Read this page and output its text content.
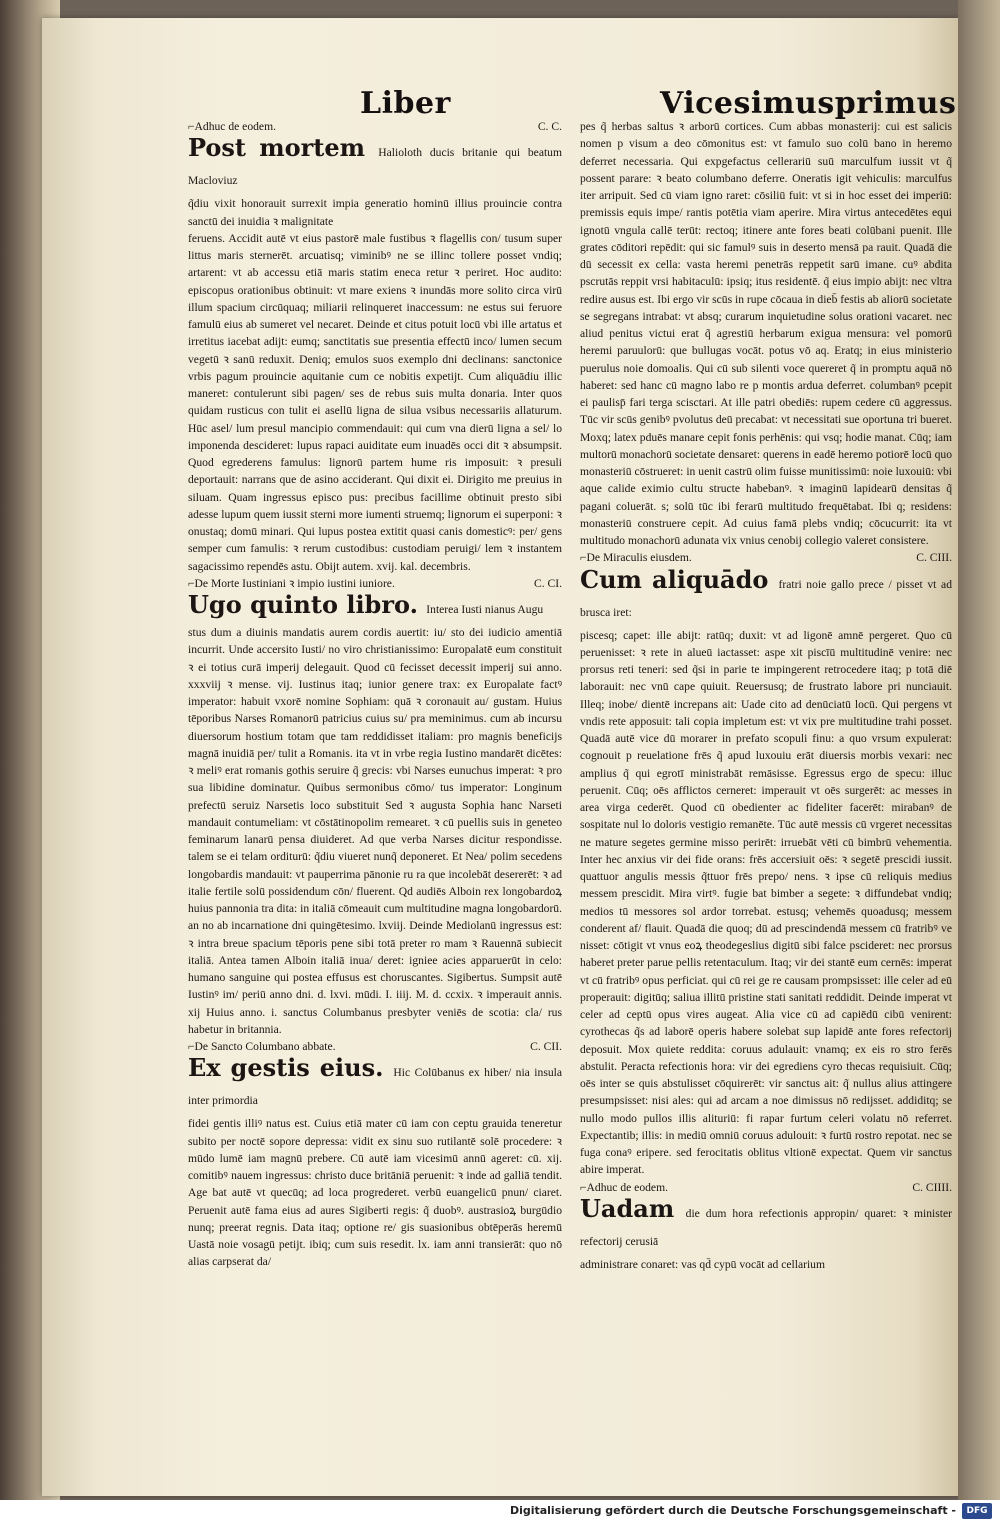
Liber	Vicesimusprimus
⌐Adhuc de eodem.	C. C.

Post mortem Halioloth ducis britanie qui beatum Macloviuz

q̃diu vixit honorauit surrexit impia generatio hominū illius prouincie contra sanctū dei inuidia ꝛ malignitate

feruens. Accidit autē vt eius pastorē male fustibus ꝛ flagellis con/ tusum super littus maris sternerēt. arcuatisq; viminibꝰ ne se illinc tollere posset vndiq; artarent: vt ab accessu etiā maris statim eneca retur ꝛ periret. Hoc audito: episcopus orationibus obtinuit: vt mare exiens ꝛ inundās more solito circa virū illum spacium circūquaq; miliarii relinqueret inaccessum: ne estus sui feruore famulū eius ab sumeret vel necaret. Deinde et citus potuit locū vbi ille artatus et irretitus iacebat adijt: eumq; sanctitatis sue presentia effectū inco/ lumen secum vegetū ꝛ sanū reduxit. Deniq; emulos suos exemplo dni declinans: sanctonice vrbis pagum prouincie aquitanie cum ce nobitis expetijt. Cum aliquādiu illic maneret: contulerunt sibi pagen/ ses de rebus suis multa donaria. Inter quos quidam rusticus con tulit ei asellū ligna de silua vsibus necessariis allaturum. Hūc asel/ lum presul mancipio commendauit: qui cum vna dierū ligna a sel/ lo imponenda descideret: lupus rapaci auiditate eum inuadēs occi dit ꝛ absumpsit. Quod egrederens famulus: lignorū partem hume ris imposuit: ꝛ presuli deportauit: narrans que de asino acciderant. Qui dixit ei. Dirigito me preuius in siluam. Quam ingressus episco pus: precibus facillime obtinuit presto sibi adesse lupum quem iussit sterni more iumenti struemq; lignorum ei superponi: ꝛ onustaq; domū minari. Qui lupus postea extitit quasi canis domesticꝰ: per/ gens semper cum famulis: ꝛ rerum custodibus: custodiam peruigi/ lem ꝛ instantem sagacissimo rependēs astu. Obijt autem. xvij. kal. decembris.

⌐De Morte Iustiniani ꝛ impio iustini iuniore.	C. CI.

Ugo quinto libro. Interea Iusti nianus Augu

stus dum a diuinis mandatis aurem cordis auertit: iu/ sto dei iudicio amentiā incurrit. Unde accersito Iusti/ no viro christianissimo: Europalatē eum constituit ꝛ ei totius curā imperij delegauit. Quod cū fecisset decessit imperij sui anno. xxxviij ꝛ mense. vij. Iustinus itaq; iunior genere trax: ex Europalate factꝰ imperator: habuit vxorē nomine Sophiam: quā ꝛ coronauit au/ gustam. Huius tēporibus Narses Romanorū patricius cuius su/ pra meminimus. cum ab incursu diuersorum hostium totam que tam reddidisset italiam: pro magnis beneficijs magnā inuidiā per/ tulit a Romanis. ita vt in vrbe regia Iustino mandarēt dicētes: ꝛ meliꝰ erat romanis gothis seruire q̃ grecis: vbi Narses eunuchus imperat: ꝛ pro sua libidine dominatur. Quibus sermonibus cōmo/ tus imperator: Longinum prefectū seruiz Narsetis loco substituit Sed ꝛ augusta Sophia hanc Narseti mandauit contumeliam: vt cōstātinopolim remearet. ꝛ cū puellis suis in geneteo feminarum lanarū pensa diuideret. Ad que verba Narses dicitur respondisse. talem se ei telam orditurū: q̃diu viueret nunq̃ deponeret. Et Nea/ polim secedens longobardis mandauit: vt pauperrima pānonie ru ra que incolebāt desererēt: ꝛ ad italie fertile solū possidendum cōn/ fluerent. Qd audiēs Alboin rex longobardoꝝ huius pannonia tra dita: in italiā cōmeauit cum multitudine magna longobardorū. an no ab incarnatione dni quingētesimo. lxviij. Deinde Mediolanū ingressus est: ꝛ intra breue spacium tēporis pene sibi totā preter ro mam ꝛ Rauennā subiecit italiā. Antea tamen Alboin italiā inua/ deret: igniee acies apparuerūt in celo: humano sanguine qui postea effusus est choruscantes. Sigibertus. Sumpsit autē Iustinꝰ im/ periū anno dni. d. lxvi. mūdi. I. iiij. M. d. ccxix. ꝛ imperauit annis. xij Huius anno. i. sanctus Columbanus presbyter veniēs de scotia: cla/ rus habetur in britannia.

⌐De Sancto Columbano abbate.	C. CII.

Ex gestis eius. Hic Colūbanus ex hiber/ nia insula inter primordia

fidei gentis illiꝰ natus est. Cuius etiā mater cū iam con ceptu grauida teneretur subito per noctē sopore depressa: vidit ex sinu suo rutilantē solē procedere: ꝛ mūdo lumē iam magnū prebere. Cū autē iam vicesimū annū ageret: cū. xij. comitibꝰ nauem ingressus: christo duce britāniā peruenit: ꝛ inde ad galliā tendit. Age bat autē vt quecūq; ad loca progrederet. verbū euangelicū pnun/ ciaret. Peruenit autē fama eius ad aures Sigiberti regis: q̃ duobꝰ. austrasioꝝ burgūdio nunq; preerat regnis. Data itaq; optione re/ gis suasionibus obtēperās heremū Uastā noie vosagū petijt. ibiq; cum suis resedit. lx. iam anni transierāt: quo nō alias carpserat da/

pes q̃ herbas saltus ꝛ arborū cortices. Cum abbas monasterij: cui est salicis nomen p visum a deo cōmonitus est: vt famulo suo colū bano in heremo deferret necessaria. Qui expgefactus cellerariū suū marculfum iussit vt q̃ possent parare: ꝛ beato columbano deferre. Oneratis igit vehiculis: marculfus iter arripuit. Sed cū viam igno raret: cōsiliū fuit: vt si in hoc esset dei imperiū: premissis equis impe/ rantis potētia viam aperire. Mira virtus antecedētes equi ignotū vngula callē terūt: rectoq; itinere ante fores beati colūbani puenit. Ille grates cōditori repēdit: qui sic famulꝰ suis in deserto mensā pa rauit. Quadā die dū secessit ex cella: vasta heremi penetrās reppetit sarū imane. cuꝰ abdita pscrutās reppit vrsi habitaculū: ipsiq; itus residentē. q̃ eius impio abijt: nec vltra redire ausus est. Ibi ergo vir scūs in rupe cōcaua in dieb̄ festis ab aliorū societate se segregans intrabat: vt absq; curarum inquietudine solus orationi vacaret. nec aliud penitus victui erat q̃ agrestiū herbarum exigua mensura: vel pomorū heremi paruulorū: que bullugas vocāt. potus vō aq. Eratq; in eius ministerio puerulus noie domoalis. Qui cū sub silenti voce quereret q̃ in promptu aquā nō haberet: sed hanc cū magno labo re p montis ardua deferret. columbanꝰ pcepit ei paulisp̄ fari terga scisctari. At ille patri obediēs: rupem cedere cū aggressus. Tūc vir scūs genibꝰ pvolutus deū precabat: vt necessitati sue oportuna tri bueret. Moxq; latex pduēs manare cepit fonis perhēnis: qui vsq; hodie manat. Cūq; iam multorū monachorū societate densaret: querens in eadē heremo potiorē locū quo monasteriū cōstrueret: in uenit castrū olim fuisse munitissimū: noie luxouiū: vbi aque calide eximio cultu structe habebanꝰ. ꝛ imaginū lapidearū densitas q̃ pagani coluerāt. s; solū tūc ibi ferarū multitudo frequētabat. Ibi q; residens: monasteriū construere cepit. Ad cuius famā plebs vndiq; cōcucurrit: ita vt multitudo monachorū adunata vix vnius cenobij collegio valeret consistere.

⌐De Miraculis eiusdem.	C. CIII.

Cum aliquādo fratri noie gallo prece / pisset vt ad brusca iret:

piscesq; capet: ille abijt: ratūq; duxit: vt ad ligonē amnē pergeret. Quo cū peruenisset: ꝛ rete in alueū iactasset: aspe xit piscīū multitudinē venire: nec prorsus reti teneri: sed q̃si in parie te impingerent retrocedere itaq; p totā diē laborauit: nec vnū cape quiuit. Reuersusq; de frustrato labore pri nunciauit. Illeq; inobe/ dientē increpans ait: Uade cito ad denūciatū locū. Qui pergens vt vndis rete apposuit: tali copia impletum est: vt vix pre multitudine trahi posset. Quadā autē vice dū morarer in prefato scopuli finu: a quo vrsum expulerat: cognouit p reuelatione frēs q̃ apud luxouiu erāt diuersis morbis vexari: nec amplius q̃ qui egrotī ministrabāt remāsisse. Egressus ergo de specu: illuc peruenit. Cūq; oēs afflictos cerneret: imperauit vt oēs surgerēt: ac messes in area virga cederēt. Quod cū obedienter ac fideliter facerēt: mirabanꝰ de sospitate nul lo doloris vestigio remanēte. Tūc autē messis cū vrgeret necessitas ne mature segetes germine misso perirēt: irruebāt vēti cū bimbrū vehementia. Inter hec anxius vir dei fide orans: frēs accersiuit oēs: ꝛ segetē prescidi iussit. quattuor angulis messis q̃ttuor frēs prepo/ nens. ꝛ ipse cū reliquis medius messem prescidit. Mira virtꝰ. fugie bat bimber a segete: ꝛ diffundebat vndiq; medios tū messores sol ardor torrebat. estusq; vehemēs quoadusq; messem conderent af/ flauit. Quadā die quoq; dū ad prescindendā messem cū fratribꝰ ve nisset: cōtigit vt vnus eoꝝ theodegeslius digitū sibi falce pscideret: nec prorsus haberet preter parue pellis retentaculum. Itaq; vir dei stantē eum cernēs: imperat vt cū fratribꝰ opus perficiat. qui cū rei ge re causam prompsisset: ille celer ad eū properauit: digitūq; saliua illitū pristine stati sanitati reddidit. Deinde imperat vt celer ad ceptū opus vires augeat. Alia vice cū ad capiēdū cibū venirent: cyrothecas q̃s ad laborē operis habere solebat sup lapidē ante fores refectorij deposuit. Mox quiete reddita: coruus adulauit: vnamq; ex eis ro stro ferēs abstulit. Peracta refectionis hora: vir dei egrediens cyro thecas requisiuit. Cūq; oēs inter se quis abstulisset cōquirerēt: vir sanctus ait: q̃ nullus alius attingere presumpsisset: nisi ales: qui ad arcam a noe dimissus nō redijsset. addiditq; se nullo modo pullos illis alituriū: fi rapar furtum celeri volatu nō referret. Expectantib; illis: in mediū omniū coruus adulouit: ꝛ furtū rostro repotat. nec se fuga conaꝰ eripere. sed ferocitatis oblitus vltionē expectat. Quem vir sanctus abire imperat.

⌐Adhuc de eodem.	C. CIIII.

Uadam die dum hora refectionis appropin/ quaret: ꝛ minister refectorij cerusiā

administrare conaret: vas qd̄ cypū vocāt ad cellarium

Digitalisierung gefördert durch die Deutsche Forschungsgemeinschaft -	DFG
